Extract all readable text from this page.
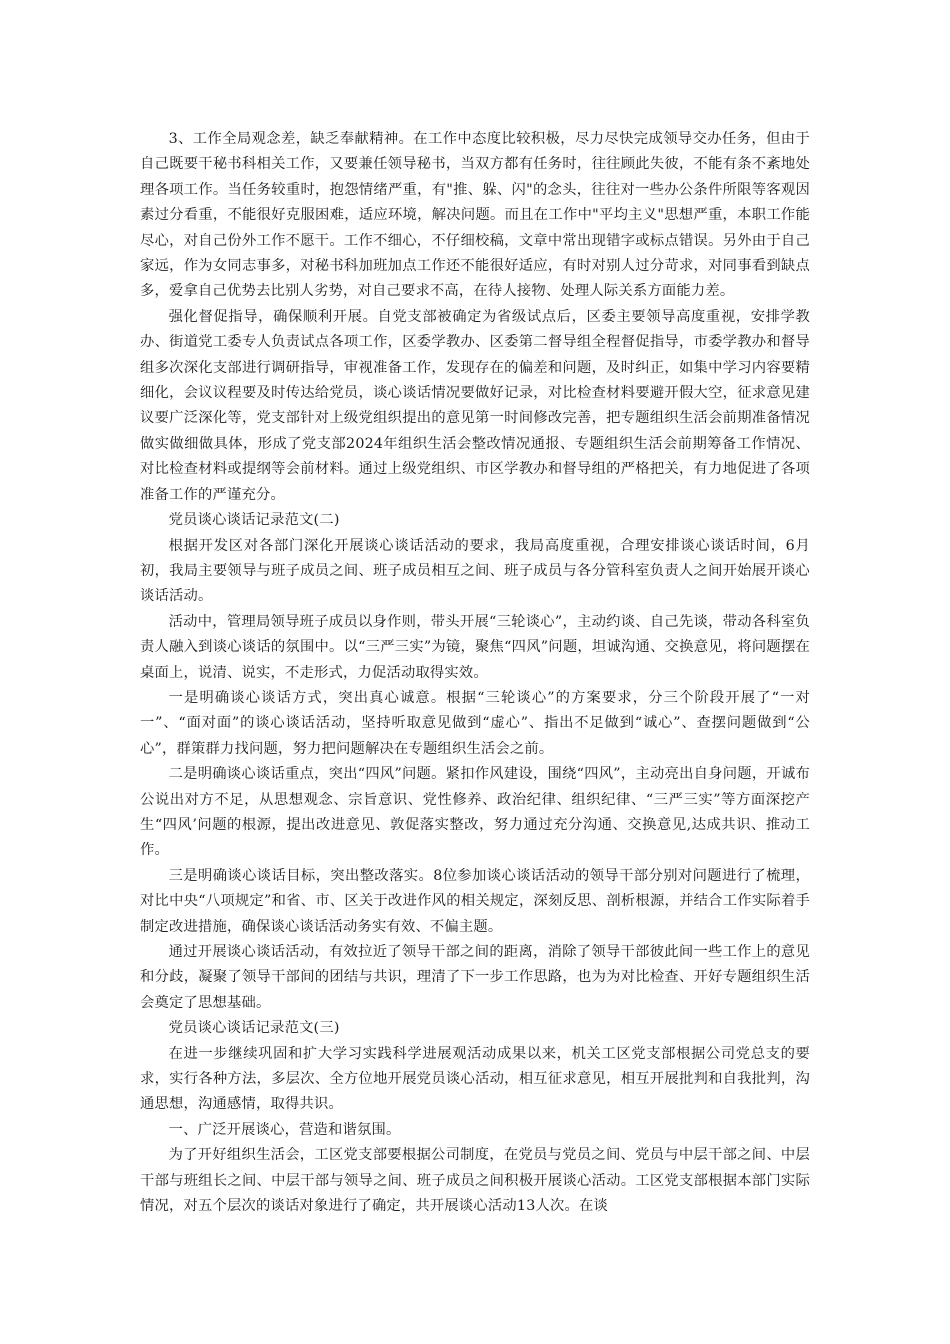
3、工作全局观念差，缺乏奉献精神。在工作中态度比较积极，尽力尽快完成领导交办任务，但由于自己既要干秘书科相关工作，又要兼任领导秘书，当双方都有任务时，往往顾此失彼，不能有条不紊地处理各项工作。当任务较重时，抱怨情绪严重，有"推、躲、闪"的念头，往往对一些办公条件所限等客观因素过分看重，不能很好克服困难，适应环境，解决问题。而且在工作中"平均主义"思想严重，本职工作能尽心，对自己份外工作不愿干。工作不细心，不仔细校稿，文章中常出现错字或标点错误。另外由于自己家远，作为女同志事多，对秘书科加班加点工作还不能很好适应，有时对别人过分苛求，对同事看到缺点多，爱拿自己优势去比别人劣势，对自己要求不高，在待人接物、处理人际关系方面能力差。

强化督促指导，确保顺利开展。自党支部被确定为省级试点后，区委主要领导高度重视，安排学教办、街道党工委专人负责试点各项工作，区委学教办、区委第二督导组全程督促指导，市委学教办和督导组多次深化支部进行调研指导，审视准备工作，发现存在的偏差和问题，及时纠正，如集中学习内容要精细化，会议议程要及时传达给党员，谈心谈话情况要做好记录，对比检查材料要避开假大空，征求意见建议要广泛深化等，党支部针对上级党组织提出的意见第一时间修改完善，把专题组织生活会前期准备情况做实做细做具体，形成了党支部2024年组织生活会整改情况通报、专题组织生活会前期筹备工作情况、对比检查材料或提纲等会前材料。通过上级党组织、市区学教办和督导组的严格把关，有力地促进了各项准备工作的严谨充分。

党员谈心谈话记录范文(二)

根据开发区对各部门深化开展谈心谈话活动的要求，我局高度重视，合理安排谈心谈话时间，6月初，我局主要领导与班子成员之间、班子成员相互之间、班子成员与各分管科室负责人之间开始展开谈心谈话活动。

活动中，管理局领导班子成员以身作则，带头开展“三轮谈心”，主动约谈、自己先谈，带动各科室负责人融入到谈心谈话的氛围中。以“三严三实”为镜，聚焦“四风”问题，坦诚沟通、交换意见，将问题摆在桌面上，说清、说实，不走形式，力促活动取得实效。

一是明确谈心谈话方式，突出真心诚意。根据“三轮谈心”的方案要求，分三个阶段开展了“一对一”、“面对面”的谈心谈话活动，坚持听取意见做到“虚心”、指出不足做到“诚心”、查摆问题做到“公心”，群策群力找问题，努力把问题解决在专题组织生活会之前。

二是明确谈心谈话重点，突出“四风”问题。紧扣作风建设，围绕“四风”，主动亮出自身问题，开诚布公说出对方不足，从思想观念、宗旨意识、党性修养、政治纪律、组织纪律、“三严三实”等方面深挖产生“四风’问题的根源，提出改进意见、敦促落实整改，努力通过充分沟通、交换意见,达成共识、推动工作。

三是明确谈心谈话目标，突出整改落实。8位参加谈心谈话活动的领导干部分别对问题进行了梳理，对比中央“八项规定”和省、市、区关于改进作风的相关规定，深刻反思、剖析根源，并结合工作实际着手制定改进措施，确保谈心谈话活动务实有效、不偏主题。

通过开展谈心谈话活动，有效拉近了领导干部之间的距离，消除了领导干部彼此间一些工作上的意见和分歧，凝聚了领导干部间的团结与共识，理清了下一步工作思路，也为为对比检查、开好专题组织生活会奠定了思想基础。

党员谈心谈话记录范文(三)

在进一步继续巩固和扩大学习实践科学进展观活动成果以来，机关工区党支部根据公司党总支的要求，实行各种方法，多层次、全方位地开展党员谈心活动，相互征求意见，相互开展批判和自我批判，沟通思想，沟通感情，取得共识。

一、广泛开展谈心，营造和谐氛围。

为了开好组织生活会，工区党支部要根据公司制度，在党员与党员之间、党员与中层干部之间、中层干部与班组长之间、中层干部与领导之间、班子成员之间积极开展谈心活动。工区党支部根据本部门实际情况，对五个层次的谈话对象进行了确定，共开展谈心活动13人次。在谈
